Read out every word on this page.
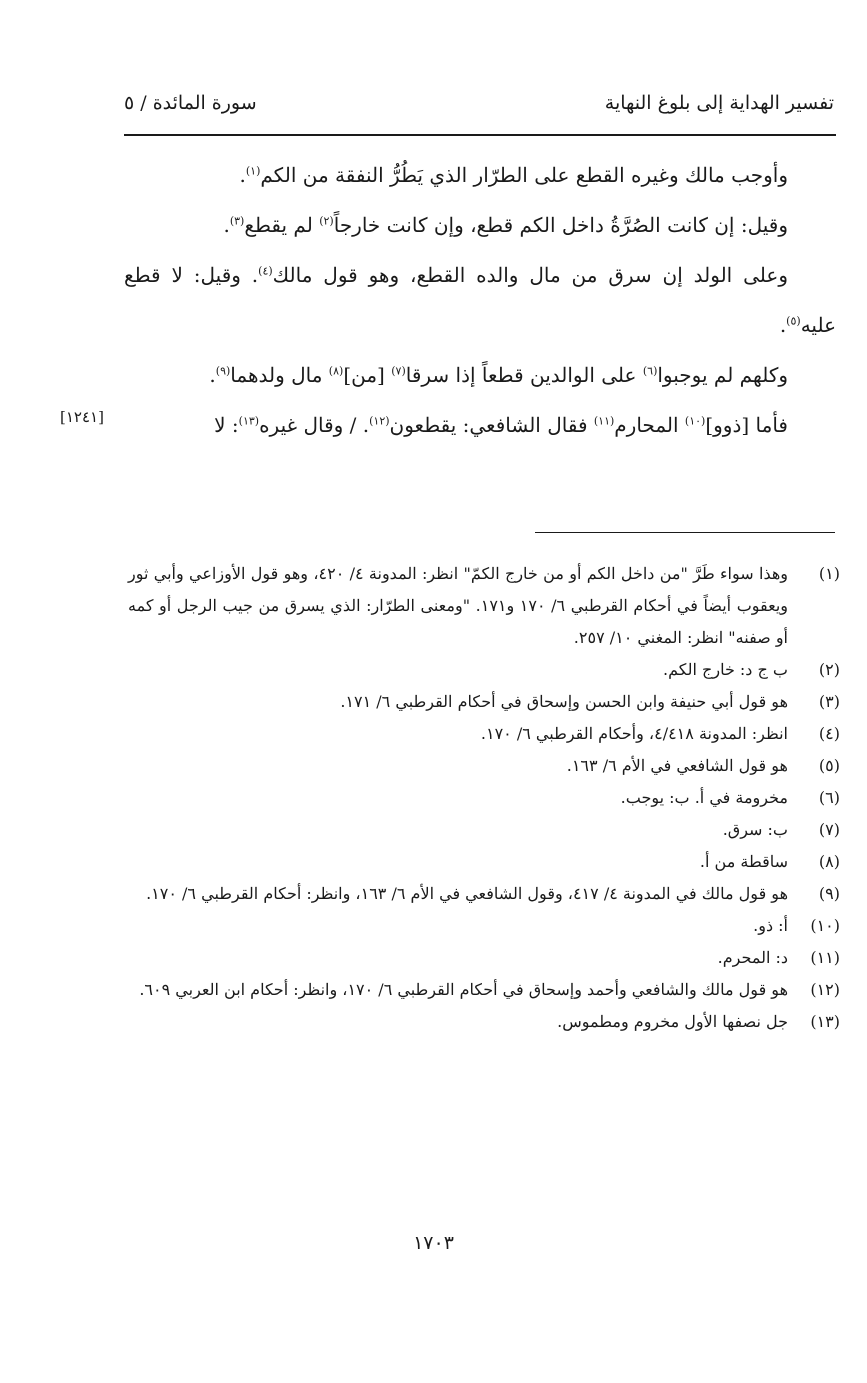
تفسير الهداية إلى بلوغ النهاية
سورة المائدة / ٥

وأوجب مالك وغيره القطع على الطرّار الذي يَطُرُّ النفقة من الكم$^{(١)}$.

وقيل: إن كانت الصُرَّةُ داخل الكم قطع، وإن كانت خارجاً$^{(٢)}$ لم يقطع$^{(٣)}$.

وعلى الولد إن سرق من مال والده القطع، وهو قول مالك$^{(٤)}$. وقيل: لا قطع عليه$^{(٥)}$.

وكلهم لم يوجبوا$^{(٦)}$ على الوالدين قطعاً إذا سرقا$^{(٧)}$ [من]$^{(٨)}$ مال ولدهما$^{(٩)}$.

فأما [ذوو]$^{(١٠)}$ المحارم$^{(١١)}$ فقال الشافعي: يقطعون$^{(١٢)}$. / وقال غيره$^{(١٣)}$: لا

[١٢٤١]
(١)
وهذا سواء طَرَّ "من داخل الكم أو من خارج الكمّ" انظر: المدونة ٤/ ٤٢٠، وهو قول الأوزاعي وأبي ثور ويعقوب أيضاً في أحكام القرطبي ٦/ ١٧٠ و١٧١. "ومعنى الطرّار: الذي يسرق من جيب الرجل أو كمه أو صفنه" انظر: المغني ١٠/ ٢٥٧.
(٢)
ب ج د: خارج الكم.
(٣)
هو قول أبي حنيفة وابن الحسن وإسحاق في أحكام القرطبي ٦/ ١٧١.
(٤)
انظر: المدونة ٤/٤١٨، وأحكام القرطبي ٦/ ١٧٠.
(٥)
هو قول الشافعي في الأم ٦/ ١٦٣.
(٦)
مخرومة في أ. ب: يوجب.
(٧)
ب: سرق.
(٨)
ساقطة من أ.
(٩)
هو قول مالك في المدونة ٤/ ٤١٧، وقول الشافعي في الأم ٦/ ١٦٣، وانظر: أحكام القرطبي ٦/ ١٧٠.
(١٠)
أ: ذو.
(١١)
د: المحرم.
(١٢)
هو قول مالك والشافعي وأحمد وإسحاق في أحكام القرطبي ٦/ ١٧٠، وانظر: أحكام ابن العربي ٦٠٩.
(١٣)
جل نصفها الأول مخروم ومطموس.
١٧٠٣
